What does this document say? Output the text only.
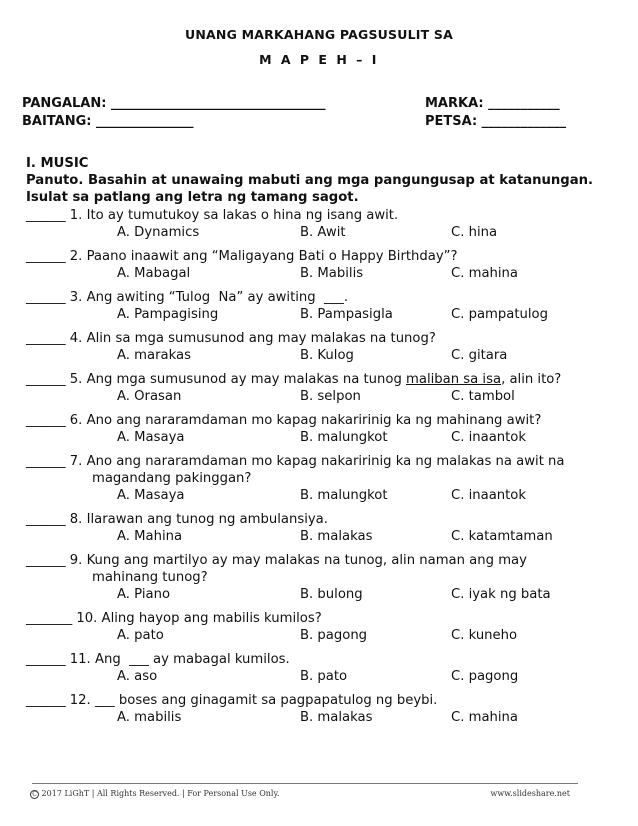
UNANG MARKAHANG PAGSUSULIT SA
M A P E H – I
PANGALAN: _________________________________
BAITANG: _______________
MARKA: ___________
PETSA: _____________
I. MUSIC
Panuto. Basahin at unawaing mabuti ang mga pangungusap at katanungan. Isulat sa patlang ang letra ng tamang sagot.
______ 1. Ito ay tumutukoy sa lakas o hina ng isang awit.
A. Dynamics	B. Awit	C. hina
______ 2. Paano inaawit ang “Maligayang Bati o Happy Birthday”?
A. Mabagal	B. Mabilis	C. mahina
______ 3. Ang awiting “Tulog  Na” ay awiting  ___.
A. Pampagising	B. Pampasigla	C. pampatulog
______ 4. Alin sa mga sumusunod ang may malakas na tunog?
A. marakas	B. Kulog	C. gitara
______ 5. Ang mga sumusunod ay may malakas na tunog maliban sa isa, alin ito?
A. Orasan	B. selpon	C. tambol
______ 6. Ano ang nararamdaman mo kapag nakaririnig ka ng mahinang awit?
A. Masaya	B. malungkot	C. inaantok
______ 7. Ano ang nararamdaman mo kapag nakaririnig ka ng malakas na awit na
magandang pakinggan?
A. Masaya	B. malungkot	C. inaantok
______ 8. Ilarawan ang tunog ng ambulansiya.
A. Mahina	B. malakas	C. katamtaman
______ 9. Kung ang martilyo ay may malakas na tunog, alin naman ang may
mahinang tunog?
A. Piano	B. bulong	C. iyak ng bata
_______ 10. Aling hayop ang mabilis kumilos?
A. pato	B. pagong	C. kuneho
______ 11. Ang  ___ ay mabagal kumilos.
A. aso	B. pato	C. pagong
______ 12. ___ boses ang ginagamit sa pagpapatulog ng beybi.
A. mabilis	B. malakas	C. mahina
C 2017 LiGhT | All Rights Reserved. | For Personal Use Only.	www.slideshare.net
